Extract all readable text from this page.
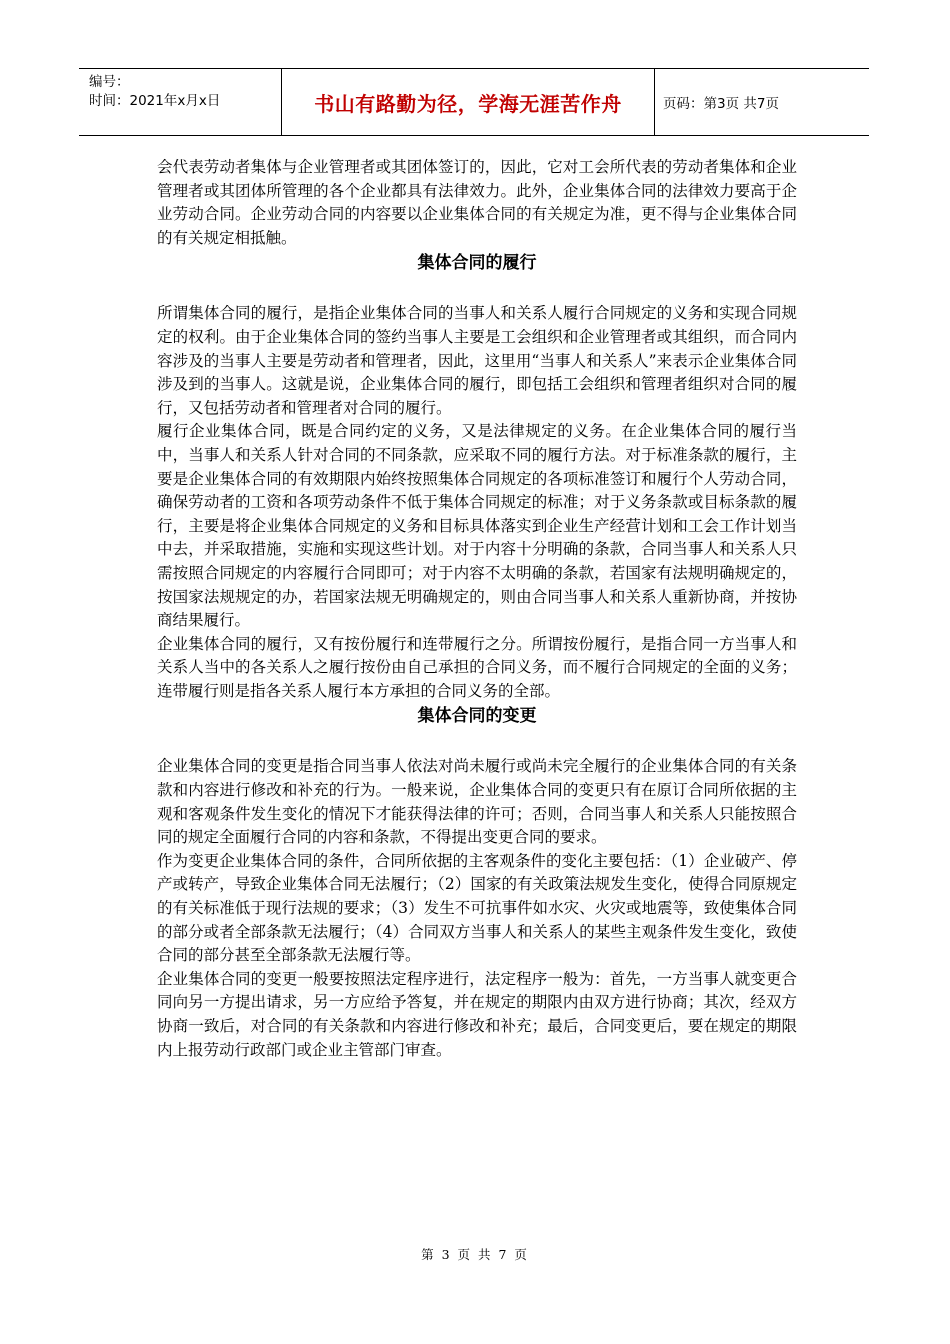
编号：
时间：2021年x月x日	书山有路勤为径，学海无涯苦作舟	页码：第3页 共7页

会代表劳动者集体与企业管理者或其团体签订的，因此，它对工会所代表的劳动者集体和企业管理者或其团体所管理的各个企业都具有法律效力。此外，企业集体合同的法律效力要高于企业劳动合同。企业劳动合同的内容要以企业集体合同的有关规定为准，更不得与企业集体合同的有关规定相抵触。

集体合同的履行

所谓集体合同的履行，是指企业集体合同的当事人和关系人履行合同规定的义务和实现合同规定的权利。由于企业集体合同的签约当事人主要是工会组织和企业管理者或其组织，而合同内容涉及的当事人主要是劳动者和管理者，因此，这里用“当事人和关系人”来表示企业集体合同涉及到的当事人。这就是说，企业集体合同的履行，即包括工会组织和管理者组织对合同的履行，又包括劳动者和管理者对合同的履行。

履行企业集体合同，既是合同约定的义务，又是法律规定的义务。在企业集体合同的履行当中，当事人和关系人针对合同的不同条款，应采取不同的履行方法。对于标准条款的履行，主要是企业集体合同的有效期限内始终按照集体合同规定的各项标准签订和履行个人劳动合同，确保劳动者的工资和各项劳动条件不低于集体合同规定的标准；对于义务条款或目标条款的履行，主要是将企业集体合同规定的义务和目标具体落实到企业生产经营计划和工会工作计划当中去，并采取措施，实施和实现这些计划。对于内容十分明确的条款，合同当事人和关系人只需按照合同规定的内容履行合同即可；对于内容不太明确的条款，若国家有法规明确规定的，按国家法规规定的办，若国家法规无明确规定的，则由合同当事人和关系人重新协商，并按协商结果履行。

企业集体合同的履行，又有按份履行和连带履行之分。所谓按份履行，是指合同一方当事人和关系人当中的各关系人之履行按份由自己承担的合同义务，而不履行合同规定的全面的义务；连带履行则是指各关系人履行本方承担的合同义务的全部。

集体合同的变更

企业集体合同的变更是指合同当事人依法对尚未履行或尚未完全履行的企业集体合同的有关条款和内容进行修改和补充的行为。一般来说，企业集体合同的变更只有在原订合同所依据的主观和客观条件发生变化的情况下才能获得法律的许可；否则，合同当事人和关系人只能按照合同的规定全面履行合同的内容和条款，不得提出变更合同的要求。

作为变更企业集体合同的条件，合同所依据的主客观条件的变化主要包括：（1）企业破产、停产或转产，导致企业集体合同无法履行；（2）国家的有关政策法规发生变化，使得合同原规定的有关标准低于现行法规的要求；（3）发生不可抗事件如水灾、火灾或地震等，致使集体合同的部分或者全部条款无法履行；（4）合同双方当事人和关系人的某些主观条件发生变化，致使合同的部分甚至全部条款无法履行等。

企业集体合同的变更一般要按照法定程序进行，法定程序一般为：首先，一方当事人就变更合同向另一方提出请求，另一方应给予答复，并在规定的期限内由双方进行协商；其次，经双方协商一致后，对合同的有关条款和内容进行修改和补充；最后，合同变更后，要在规定的期限内上报劳动行政部门或企业主管部门审查。

第 3 页 共 7 页
